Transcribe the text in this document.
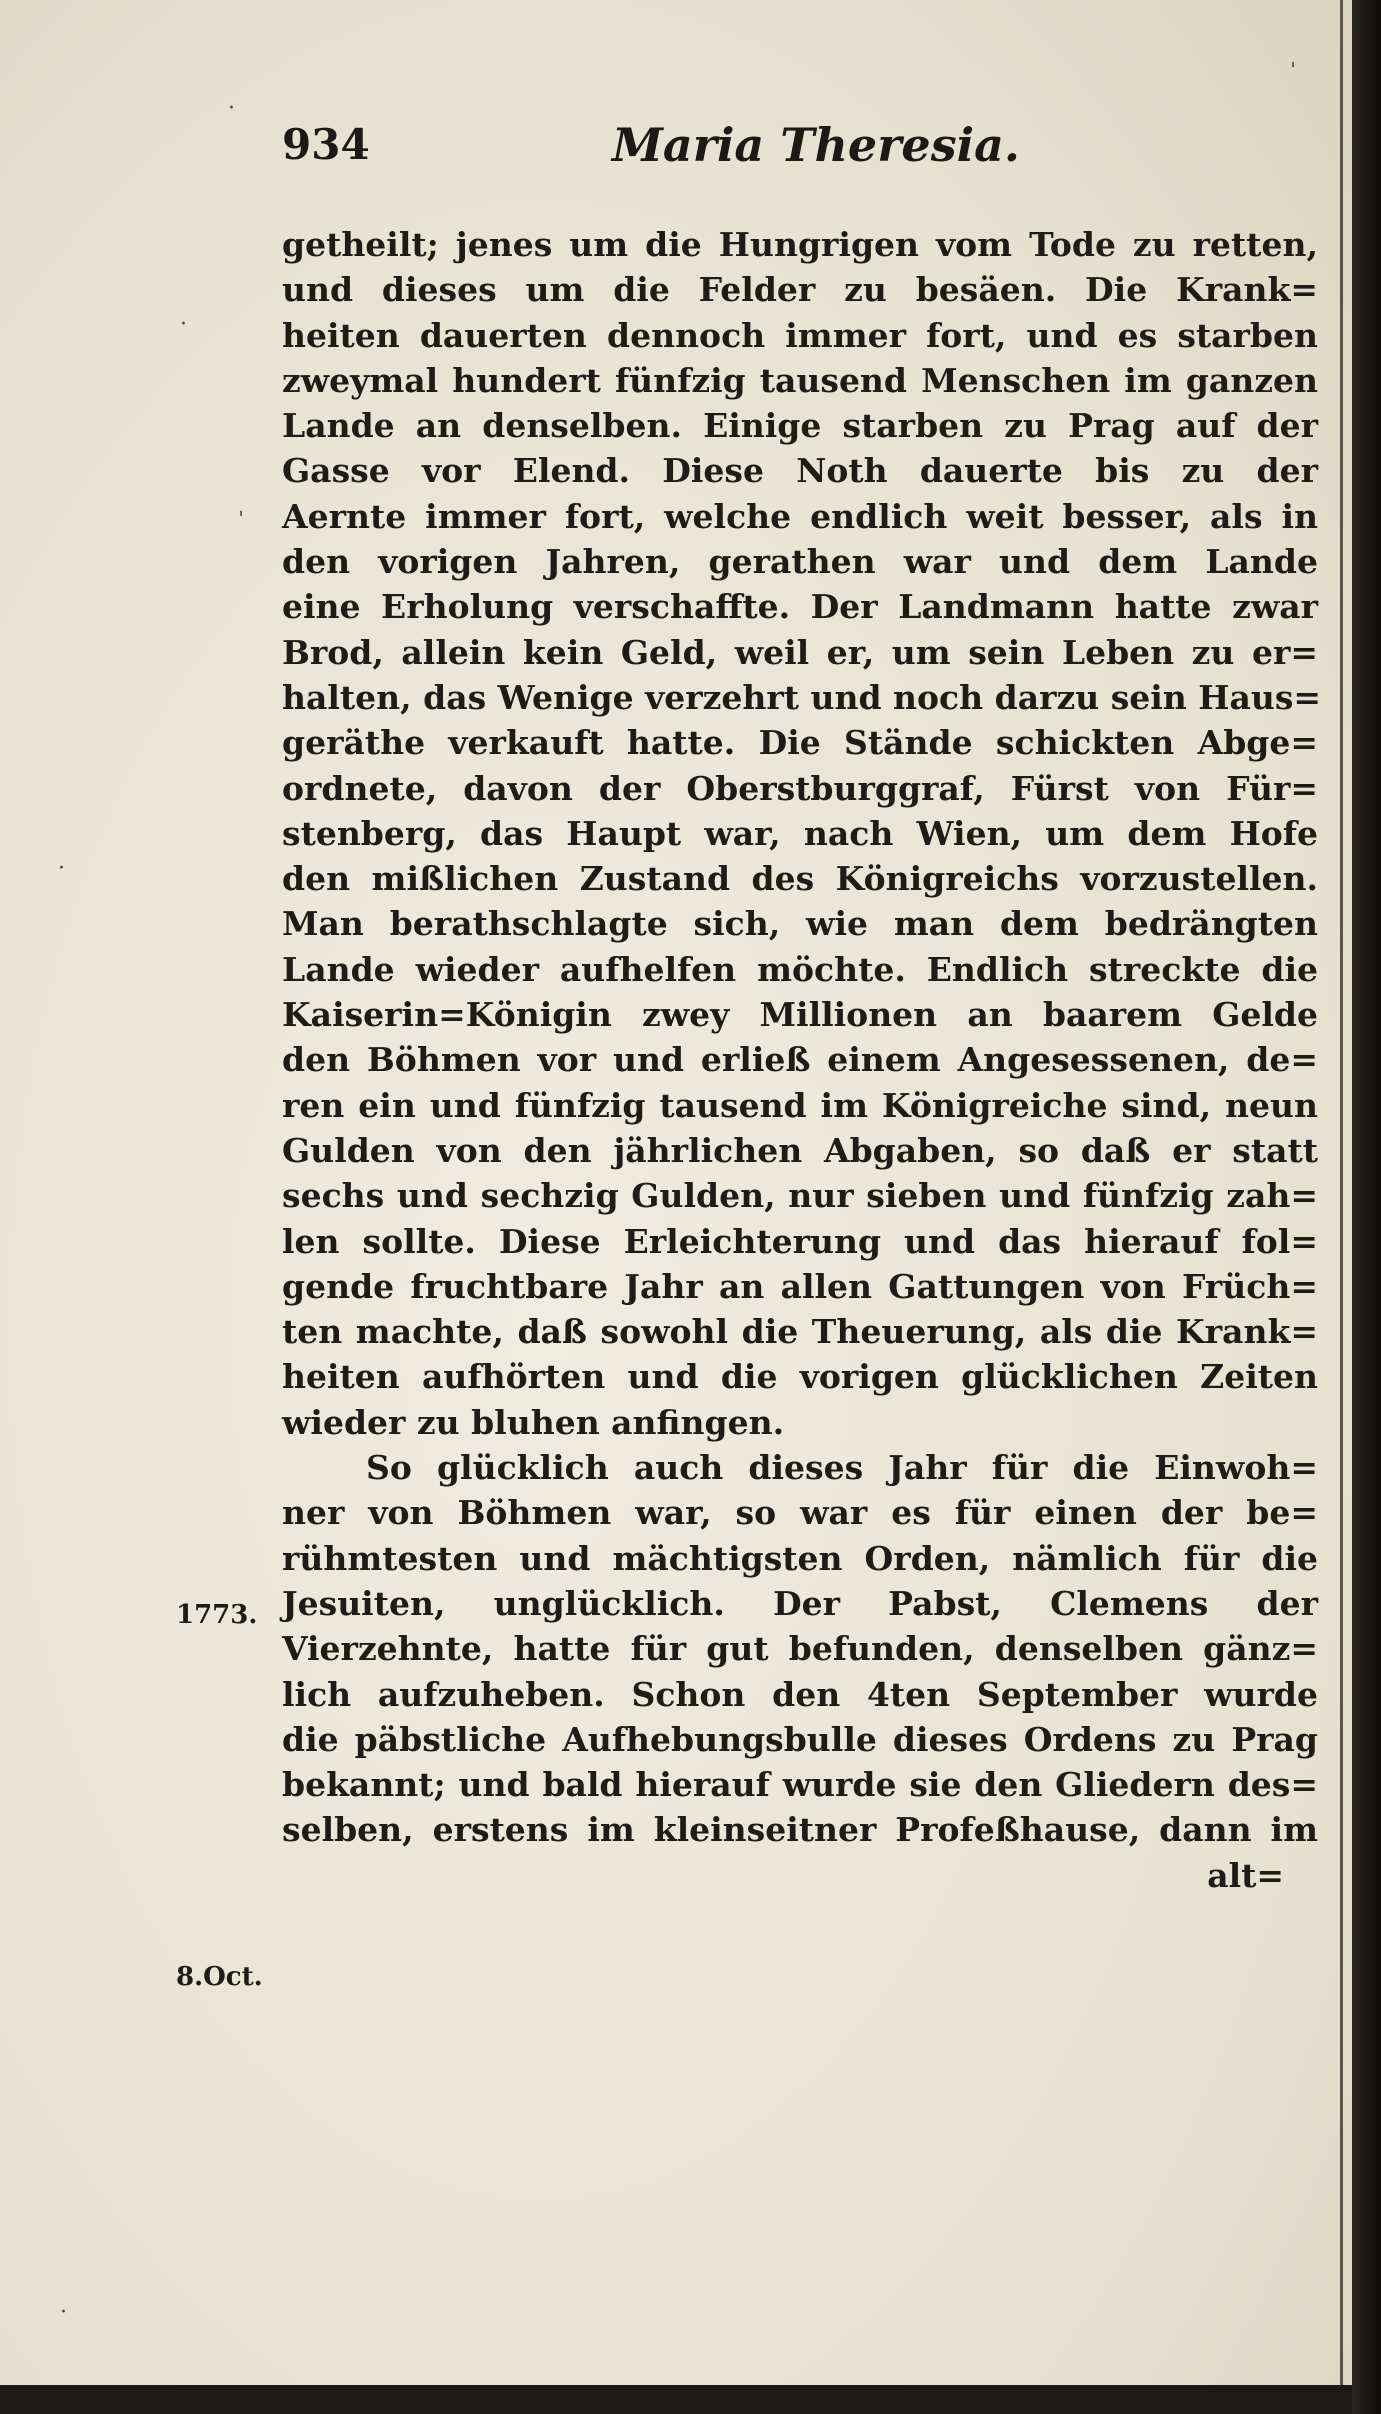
934	Maria Theresia.
·
ˈ
·
ˌ
·
·
1773.
8.Oct.
getheilt; jenes um die Hungrigen vom Tode zu retten,
und dieses um die Felder zu besäen. Die Krank=
heiten dauerten dennoch immer fort, und es starben
zweymal hundert fünfzig tausend Menschen im ganzen
Lande an denselben. Einige starben zu Prag auf der
Gasse vor Elend. Diese Noth dauerte bis zu der
Aernte immer fort, welche endlich weit besser, als in
den vorigen Jahren, gerathen war und dem Lande
eine Erholung verschaffte. Der Landmann hatte zwar
Brod, allein kein Geld, weil er, um sein Leben zu er=
halten, das Wenige verzehrt und noch darzu sein Haus=
geräthe verkauft hatte. Die Stände schickten Abge=
ordnete, davon der Oberstburggraf, Fürst von Für=
stenberg, das Haupt war, nach Wien, um dem Hofe
den mißlichen Zustand des Königreichs vorzustellen.
Man berathschlagte sich, wie man dem bedrängten
Lande wieder aufhelfen möchte. Endlich streckte die
Kaiserin=Königin zwey Millionen an baarem Gelde
den Böhmen vor und erließ einem Angesessenen, de=
ren ein und fünfzig tausend im Königreiche sind, neun
Gulden von den jährlichen Abgaben, so daß er statt
sechs und sechzig Gulden, nur sieben und fünfzig zah=
len sollte. Diese Erleichterung und das hierauf fol=
gende fruchtbare Jahr an allen Gattungen von Früch=
ten machte, daß sowohl die Theuerung, als die Krank=
heiten aufhörten und die vorigen glücklichen Zeiten
wieder zu bluhen anfingen.
So glücklich auch dieses Jahr für die Einwoh=
ner von Böhmen war, so war es für einen der be=
rühmtesten und mächtigsten Orden, nämlich für die
Jesuiten, unglücklich. Der Pabst, Clemens der
Vierzehnte, hatte für gut befunden, denselben gänz=
lich aufzuheben. Schon den 4ten September wurde
die päbstliche Aufhebungsbulle dieses Ordens zu Prag
bekannt; und bald hierauf wurde sie den Gliedern des=
selben, erstens im kleinseitner Profeßhause, dann im
alt=
